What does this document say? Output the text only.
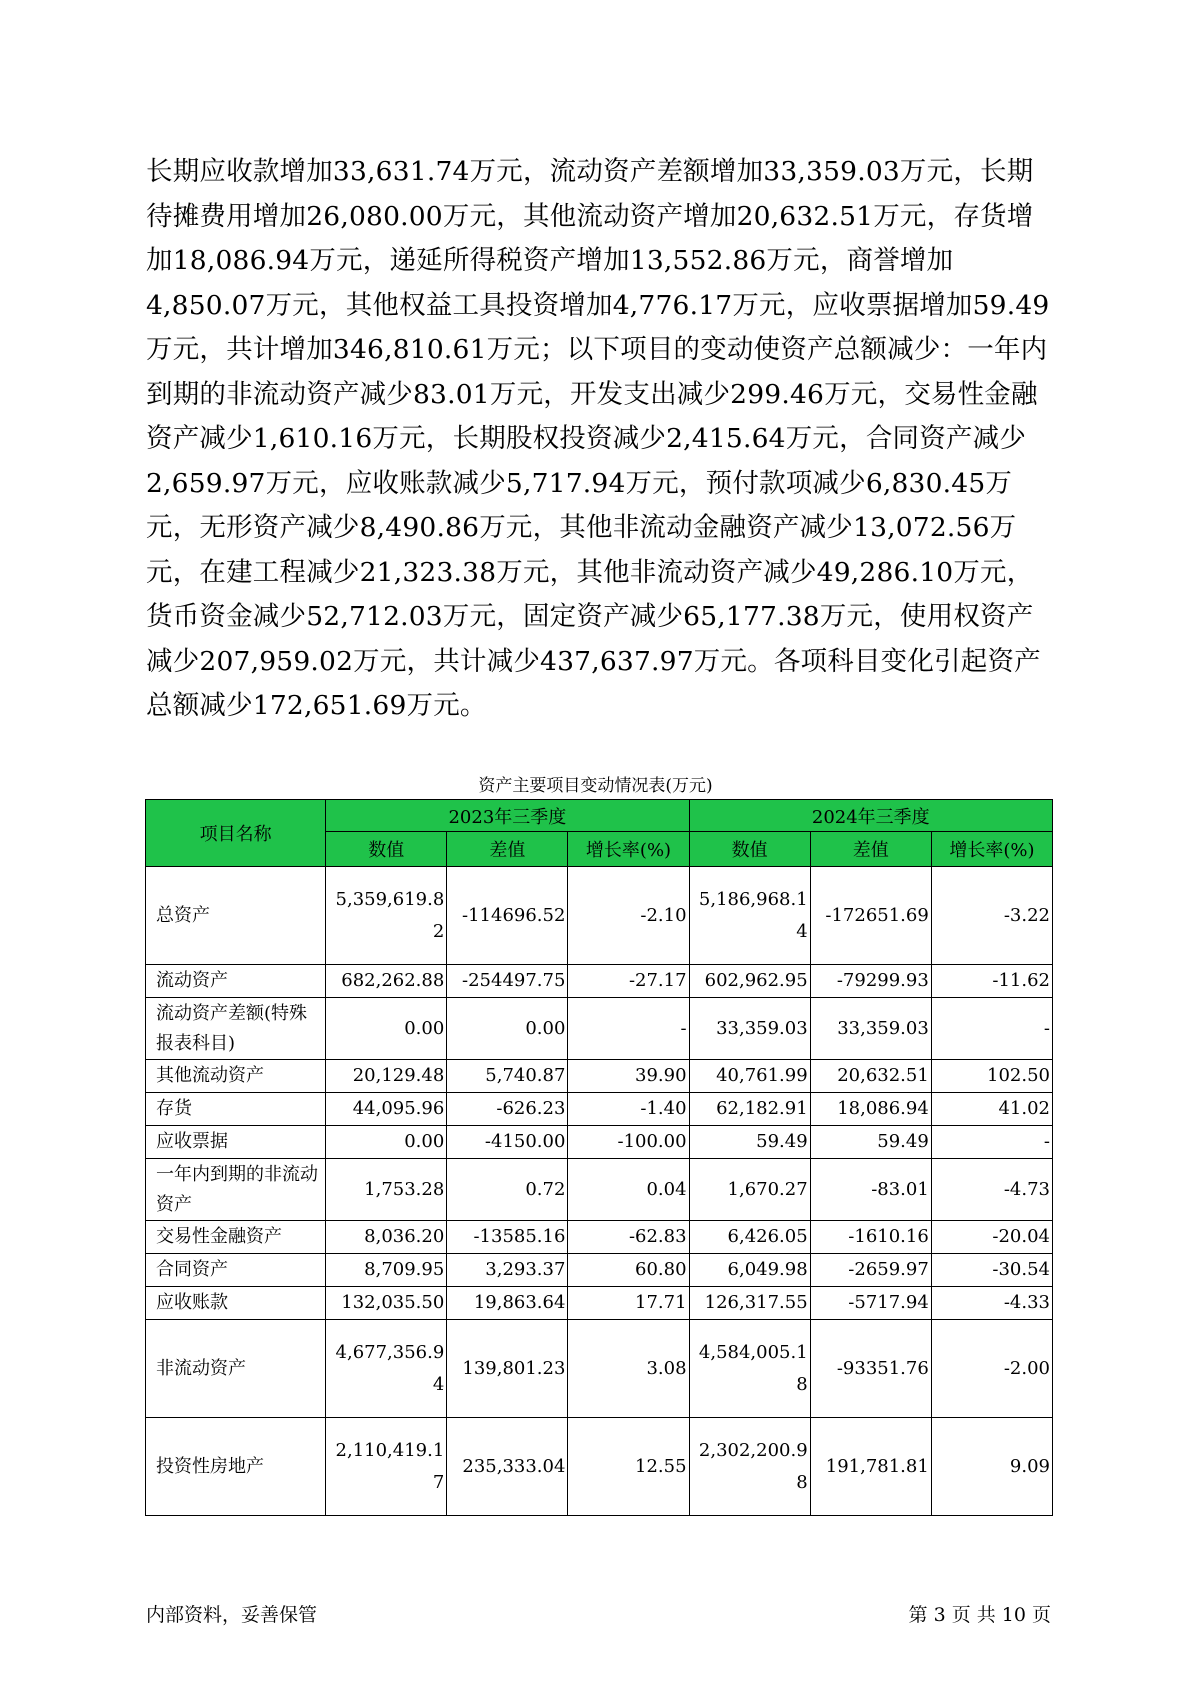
长期应收款增加33,631.74万元，流动资产差额增加33,359.03万元，长期待摊费用增加26,080.00万元，其他流动资产增加20,632.51万元，存货增加18,086.94万元，递延所得税资产增加13,552.86万元，商誉增加4,850.07万元，其他权益工具投资增加4,776.17万元，应收票据增加59.49万元，共计增加346,810.61万元；以下项目的变动使资产总额减少：一年内到期的非流动资产减少83.01万元，开发支出减少299.46万元，交易性金融资产减少1,610.16万元，长期股权投资减少2,415.64万元，合同资产减少2,659.97万元，应收账款减少5,717.94万元，预付款项减少6,830.45万元，无形资产减少8,490.86万元，其他非流动金融资产减少13,072.56万元，在建工程减少21,323.38万元，其他非流动资产减少49,286.10万元，货币资金减少52,712.03万元，固定资产减少65,177.38万元，使用权资产减少207,959.02万元，共计减少437,637.97万元。各项科目变化引起资产总额减少172,651.69万元。

资产主要项目变动情况表(万元)
项目名称	2023年三季度			2024年三季度		
	数值	差值	增长率(%)	数值	差值	增长率(%)
总资产	5,359,619.82	-114696.52	-2.10	5,186,968.14	-172651.69	-3.22
流动资产	682,262.88	-254497.75	-27.17	602,962.95	-79299.93	-11.62
流动资产差额(特殊报表科目)	0.00	0.00	-	33,359.03	33,359.03	-
其他流动资产	20,129.48	5,740.87	39.90	40,761.99	20,632.51	102.50
存货	44,095.96	-626.23	-1.40	62,182.91	18,086.94	41.02
应收票据	0.00	-4150.00	-100.00	59.49	59.49	-
一年内到期的非流动资产	1,753.28	0.72	0.04	1,670.27	-83.01	-4.73
交易性金融资产	8,036.20	-13585.16	-62.83	6,426.05	-1610.16	-20.04
合同资产	8,709.95	3,293.37	60.80	6,049.98	-2659.97	-30.54
应收账款	132,035.50	19,863.64	17.71	126,317.55	-5717.94	-4.33
非流动资产	4,677,356.94	139,801.23	3.08	4,584,005.18	-93351.76	-2.00
投资性房地产	2,110,419.17	235,333.04	12.55	2,302,200.98	191,781.81	9.09
内部资料，妥善保管	第 3 页 共 10 页
